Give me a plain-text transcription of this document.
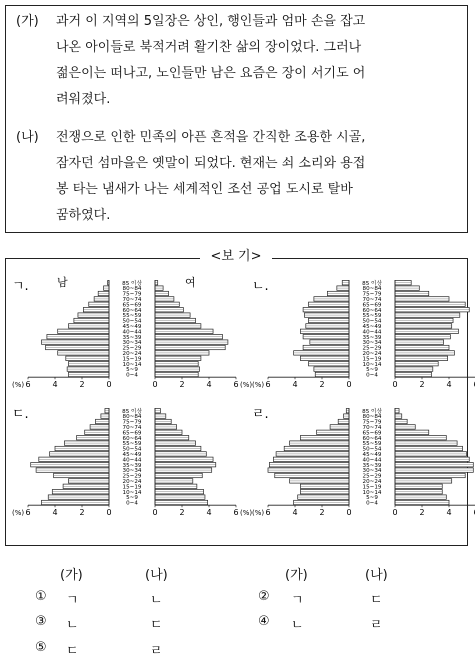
(가)	과거 이 지역의 5일장은 상인, 행인들과 엄마 손을 잡고
나온 아이들로 북적거려 활기찬 삶의 장이었다. 그러나
젊은이는 떠나고, 노인들만 남은 요즘은 장이 서기도 어
려워졌다.
(나)	전쟁으로 인한 민족의 아픈 흔적을 간직한 조용한 시골,
잠자던 섬마을은 옛말이 되었다. 현재는 쇠 소리와 용접
봉 타는 냄새가 나는 세계적인 조선 공업 도시로 탈바
꿈하였다.
<보 기>
ㄱ.	남	여
85 이상
80~84
75~79
70~74
65~69
60~64
55~59
50~54
45~49
40~44
35~39
30~34
25~29
20~24
15~19
10~14
5~9
0~4
6	4	2	0	0	2	4	6
(%)	(%)
ㄴ.	85 이상
80~84
75~79
70~74
65~69
60~64
55~59
50~54
45~49
40~44
35~39
30~34
25~29
20~24
15~19
10~14
5~9
0~4
6	4	2	0	0	2	4
(%)
ㄷ.	85 이상
80~84
75~79
70~74
65~69
60~64
55~59
50~54
45~49
40~44
35~39
30~34
25~29
20~24
15~19
10~14
5~9
0~4
6	4	2	0	0	2	4	6
(%)	(%)
ㄹ.	85 이상
80~84
75~79
70~74
65~69
60~64
55~59
50~54
45~49
40~44
35~39
30~34
25~29
20~24
15~19
10~14
5~9
0~4
6	4	2	0	0	2	4
(%)
(가)	(나)	(가)	(나)
① ㄱ	ㄴ	② ㄱ	ㄷ
③ ㄴ	ㄷ	④ ㄴ	ㄹ
⑤ ㄷ	ㄹ
